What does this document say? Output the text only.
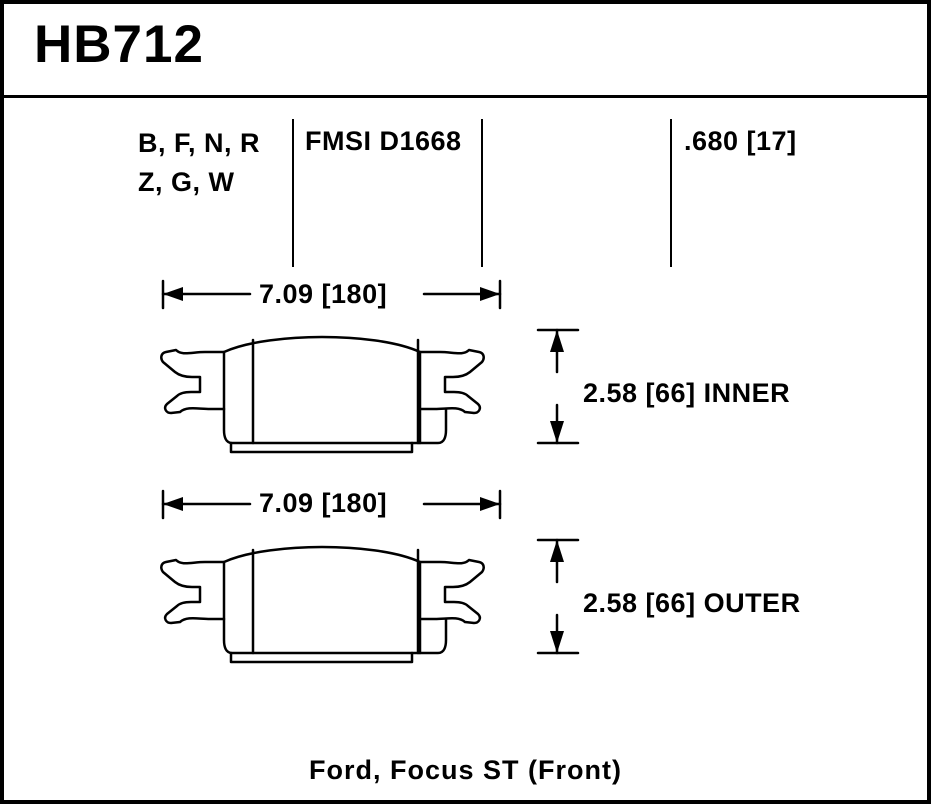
HB712
B, F, N, R
Z, G, W
FMSI D1668	.680 [17]
7.09 [180]
2.58 [66] INNER
7.09 [180]
2.58 [66] OUTER
Ford, Focus ST (Front)
